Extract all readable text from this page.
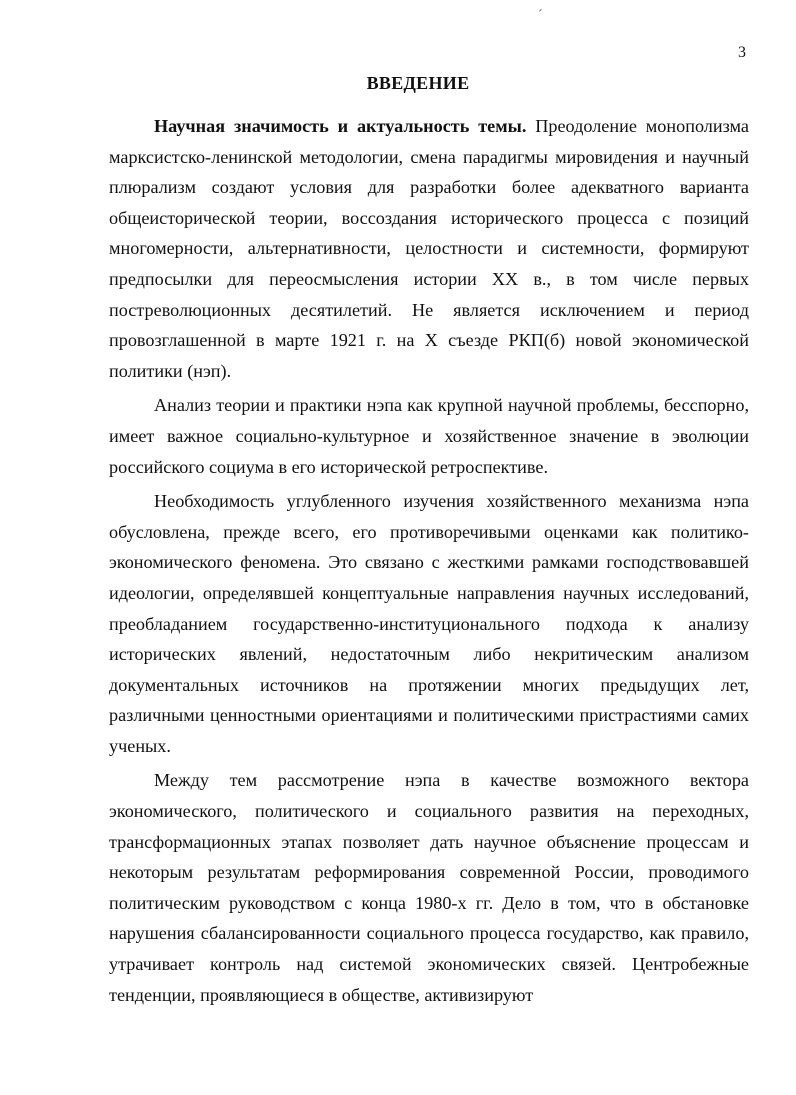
´
3
ВВЕДЕНИЕ

Научная значимость и актуальность темы. Преодоление монополизма марксистско-ленинской методологии, смена парадигмы мировидения и научный плюрализм создают условия для разработки более адекватного варианта общеисторической теории, воссоздания исторического процесса с позиций многомерности, альтернативности, целостности и системности, формируют предпосылки для переосмысления истории XX в., в том числе первых постреволюционных десятилетий. Не является исключением и период провозглашенной в марте 1921 г. на X съезде РКП(б) новой экономической политики (нэп).

Анализ теории и практики нэпа как крупной научной проблемы, бесспорно, имеет важное социально-культурное и хозяйственное значение в эволюции российского социума в его исторической ретроспективе.

Необходимость углубленного изучения хозяйственного механизма нэпа обусловлена, прежде всего, его противоречивыми оценками как политико-экономического феномена. Это связано с жесткими рамками господствовавшей идеологии, определявшей концептуальные направления научных исследований, преобладанием государственно-институционального подхода к анализу исторических явлений, недостаточным либо некритическим анализом документальных источников на протяжении многих предыдущих лет, различными ценностными ориентациями и политическими пристрастиями самих ученых.

Между тем рассмотрение нэпа в качестве возможного вектора экономического, политического и социального развития на переходных, трансформационных этапах позволяет дать научное объяснение процессам и некоторым результатам реформирования современной России, проводимого политическим руководством с конца 1980-х гг. Дело в том, что в обстановке нарушения сбалансированности социального процесса государство, как правило, утрачивает контроль над системой экономических связей. Центробежные тенденции, проявляющиеся в обществе, активизируют
